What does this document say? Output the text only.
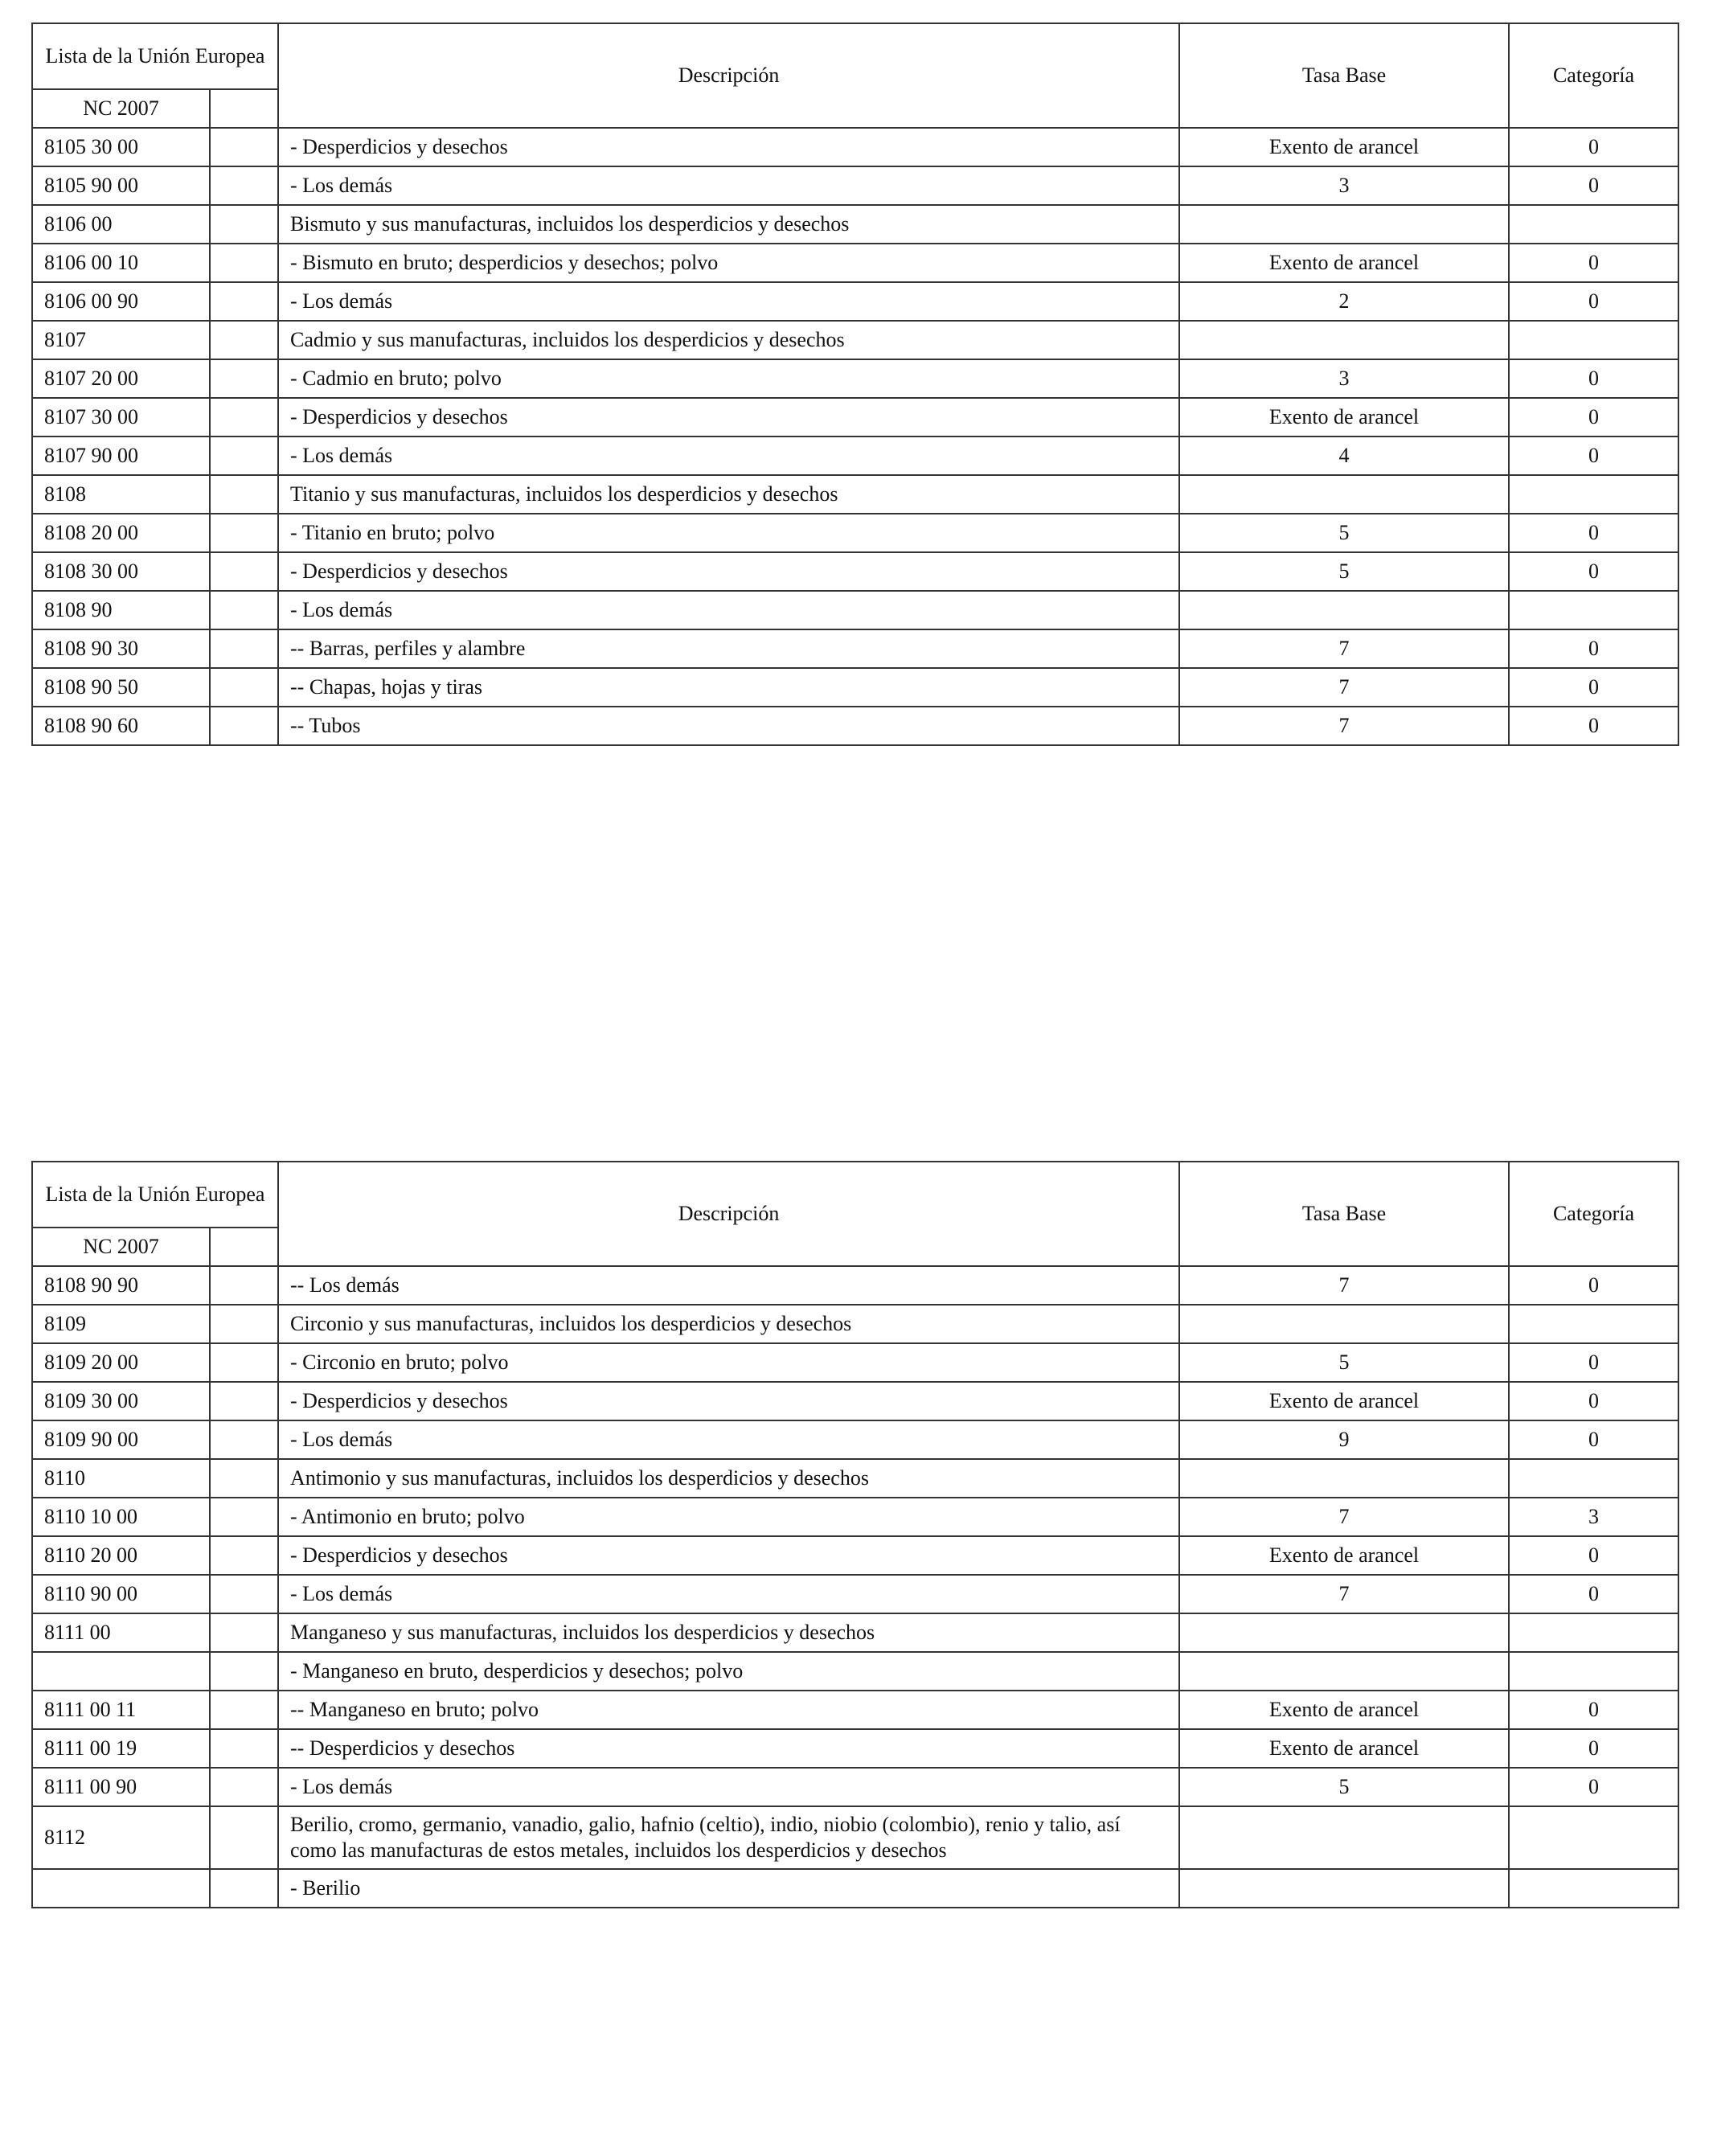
Lista de la Unión Europea		Descripción	Tasa Base	Categoría
NC 2007				
8105 30 00		- Desperdicios y desechos	Exento de arancel	0
8105 90 00		- Los demás	3	0
8106 00		Bismuto y sus manufacturas, incluidos los desperdicios y desechos		
8106 00 10		- Bismuto en bruto; desperdicios y desechos; polvo	Exento de arancel	0
8106 00 90		- Los demás	2	0
8107		Cadmio y sus manufacturas, incluidos los desperdicios y desechos		
8107 20 00		- Cadmio en bruto; polvo	3	0
8107 30 00		- Desperdicios y desechos	Exento de arancel	0
8107 90 00		- Los demás	4	0
8108		Titanio y sus manufacturas, incluidos los desperdicios y desechos		
8108 20 00		- Titanio en bruto; polvo	5	0
8108 30 00		- Desperdicios y desechos	5	0
8108 90		- Los demás		
8108 90 30		-- Barras, perfiles y alambre	7	0
8108 90 50		-- Chapas, hojas y tiras	7	0
8108 90 60		-- Tubos	7	0
Lista de la Unión Europea		Descripción	Tasa Base	Categoría
NC 2007				
8108 90 90		-- Los demás	7	0
8109		Circonio y sus manufacturas, incluidos los desperdicios y desechos		
8109 20 00		- Circonio en bruto; polvo	5	0
8109 30 00		- Desperdicios y desechos	Exento de arancel	0
8109 90 00		- Los demás	9	0
8110		Antimonio y sus manufacturas, incluidos los desperdicios y desechos		
8110 10 00		- Antimonio en bruto; polvo	7	3
8110 20 00		- Desperdicios y desechos	Exento de arancel	0
8110 90 00		- Los demás	7	0
8111 00		Manganeso y sus manufacturas, incluidos los desperdicios y desechos		
		- Manganeso en bruto, desperdicios y desechos; polvo		
8111 00 11		-- Manganeso en bruto; polvo	Exento de arancel	0
8111 00 19		-- Desperdicios y desechos	Exento de arancel	0
8111 00 90		- Los demás	5	0
8112		Berilio, cromo, germanio, vanadio, galio, hafnio (celtio), indio, niobio (colombio), renio y talio, así como las manufacturas de estos metales, incluidos los desperdicios y desechos		
		- Berilio		
